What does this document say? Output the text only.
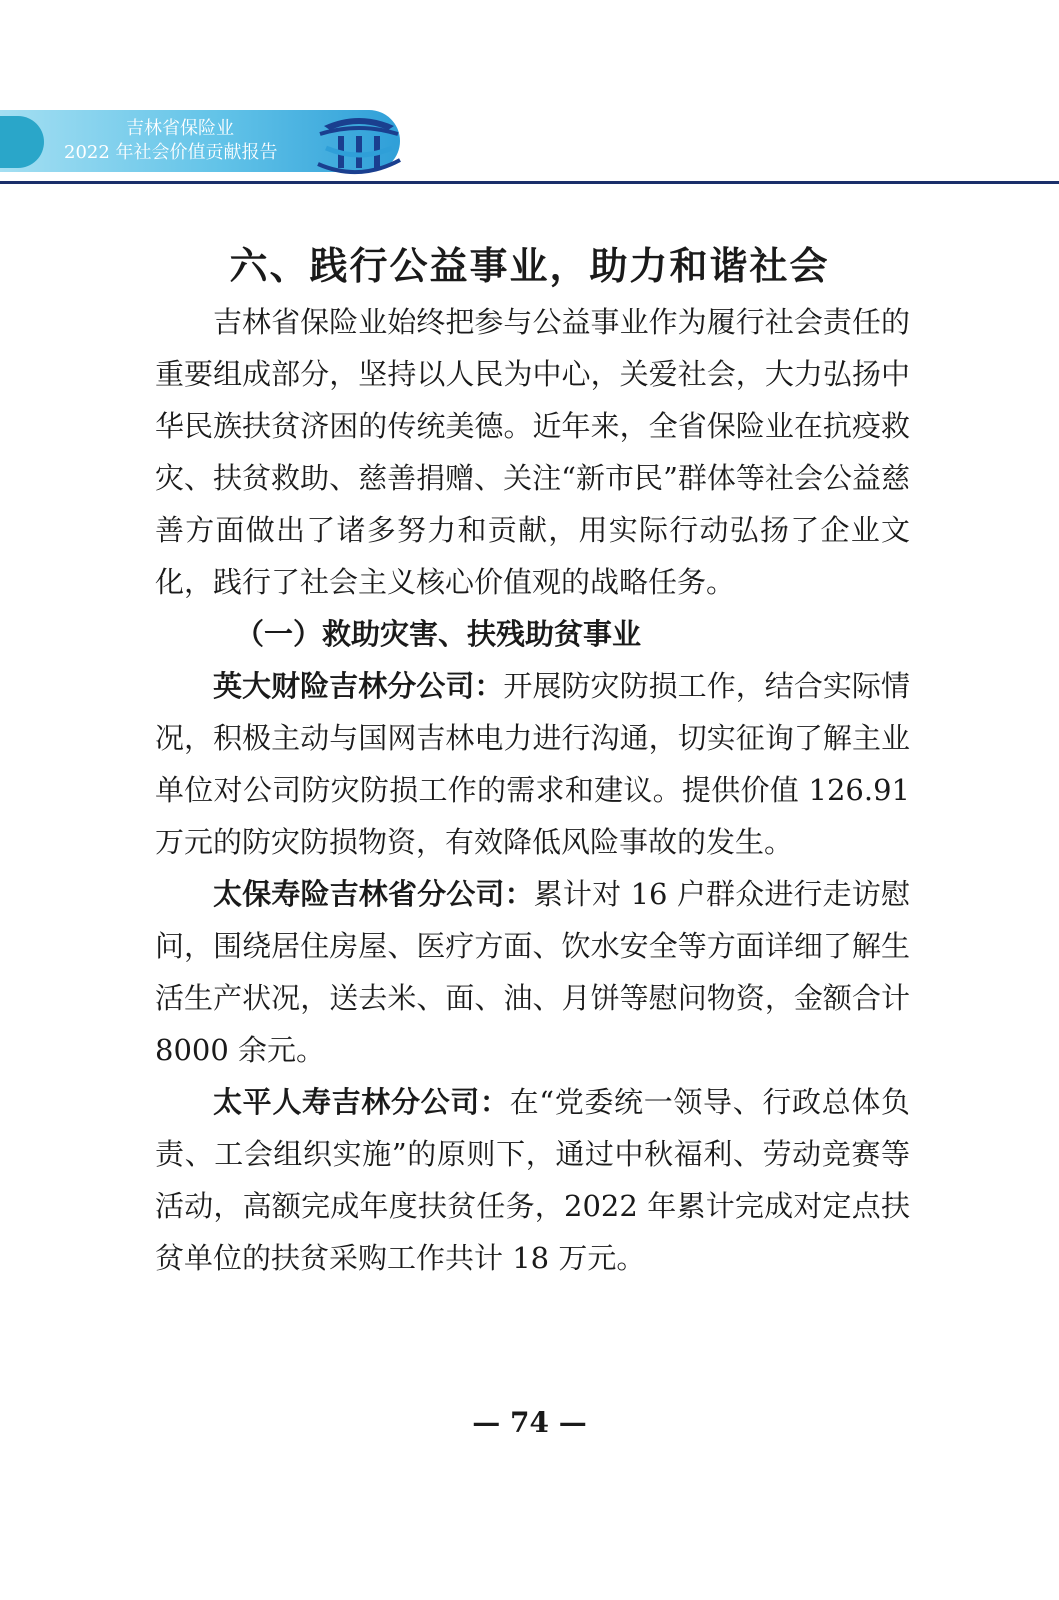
吉林省保险业
2022 年社会价值贡献报告
六、践行公益事业，助力和谐社会

吉林省保险业始终把参与公益事业作为履行社会责任的重要组成部分，坚持以人民为中心，关爱社会，大力弘扬中华民族扶贫济困的传统美德。近年来，全省保险业在抗疫救灾、扶贫救助、慈善捐赠、关注“新市民”群体等社会公益慈善方面做出了诸多努力和贡献，用实际行动弘扬了企业文化，践行了社会主义核心价值观的战略任务。

（一）救助灾害、扶残助贫事业

英大财险吉林分公司：开展防灾防损工作，结合实际情况，积极主动与国网吉林电力进行沟通，切实征询了解主业单位对公司防灾防损工作的需求和建议。提供价值 126.91 万元的防灾防损物资，有效降低风险事故的发生。

太保寿险吉林省分公司：累计对 16 户群众进行走访慰问，围绕居住房屋、医疗方面、饮水安全等方面详细了解生活生产状况，送去米、面、油、月饼等慰问物资，金额合计 8000 余元。

太平人寿吉林分公司：在“党委统一领导、行政总体负责、工会组织实施”的原则下，通过中秋福利、劳动竞赛等活动，高额完成年度扶贫任务，2022 年累计完成对定点扶贫单位的扶贫采购工作共计 18 万元。

— 74 —
